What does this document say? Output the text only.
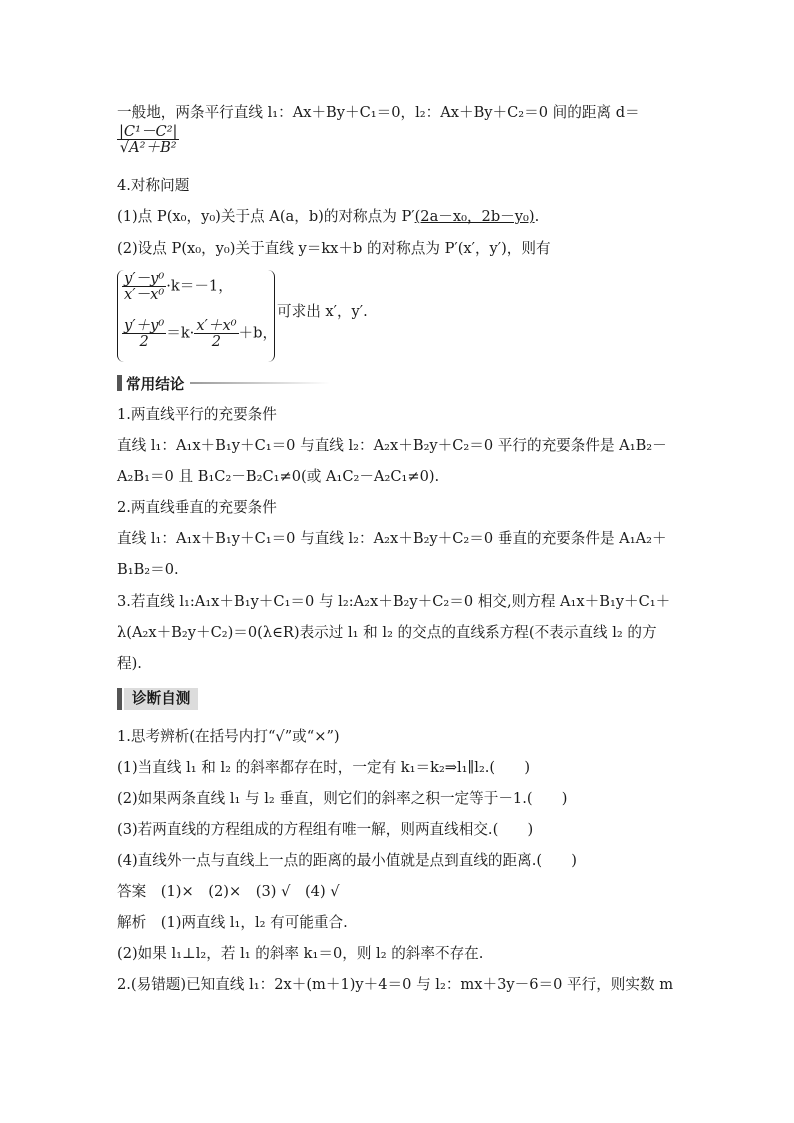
一般地，两条平行直线 l₁：Ax＋By＋C₁＝0，l₂：Ax＋By＋C₂＝0 间的距离 d＝
$\frac{\text{|C¹－C²|}}{\text{√A²＋B²}}$
4.对称问题
(1)点 P(x₀，y₀)关于点 A(a，b)的对称点为 P′(2a－x₀，2b－y₀).
(2)设点 P(x₀，y₀)关于直线 y＝kx＋b 的对称点为 P′(x′，y′)，则有
$\frac{\text{y′－y⁰}}{\text{x′－x⁰}} \cdot k=-1$，
$\frac{\text{y′＋y⁰}}{2} =k\cdot \frac{\text{x′＋x⁰}}{2} +b$，
可求出 x′，y′.
常用结论
1.两直线平行的充要条件
直线 l₁：A₁x＋B₁y＋C₁＝0 与直线 l₂：A₂x＋B₂y＋C₂＝0 平行的充要条件是 A₁B₂－
A₂B₁＝0 且 B₁C₂－B₂C₁≠0(或 A₁C₂－A₂C₁≠0).
2.两直线垂直的充要条件
直线 l₁：A₁x＋B₁y＋C₁＝0 与直线 l₂：A₂x＋B₂y＋C₂＝0 垂直的充要条件是 A₁A₂＋
B₁B₂＝0.
3.若直线 l₁:A₁x＋B₁y＋C₁＝0 与 l₂:A₂x＋B₂y＋C₂＝0 相交,则方程 A₁x＋B₁y＋C₁＋
λ(A₂x＋B₂y＋C₂)＝0(λ∈R)表示过 l₁ 和 l₂ 的交点的直线系方程(不表示直线 l₂ 的方
程).
诊断自测
1.思考辨析(在括号内打“√”或“×”)
(1)当直线 l₁ 和 l₂ 的斜率都存在时，一定有 k₁＝k₂⇒l₁∥l₂.(　　)
(2)如果两条直线 l₁ 与 l₂ 垂直，则它们的斜率之积一定等于－1.(　　)
(3)若两直线的方程组成的方程组有唯一解，则两直线相交.(　　)
(4)直线外一点与直线上一点的距离的最小值就是点到直线的距离.(　　)
答案　(1)×　(2)×　(3) √　(4) √
解析　(1)两直线 l₁，l₂ 有可能重合.
(2)如果 l₁⊥l₂，若 l₁ 的斜率 k₁＝0，则 l₂ 的斜率不存在.
2.(易错题)已知直线 l₁：2x＋(m＋1)y＋4＝0 与 l₂：mx＋3y－6＝0 平行，则实数 m
